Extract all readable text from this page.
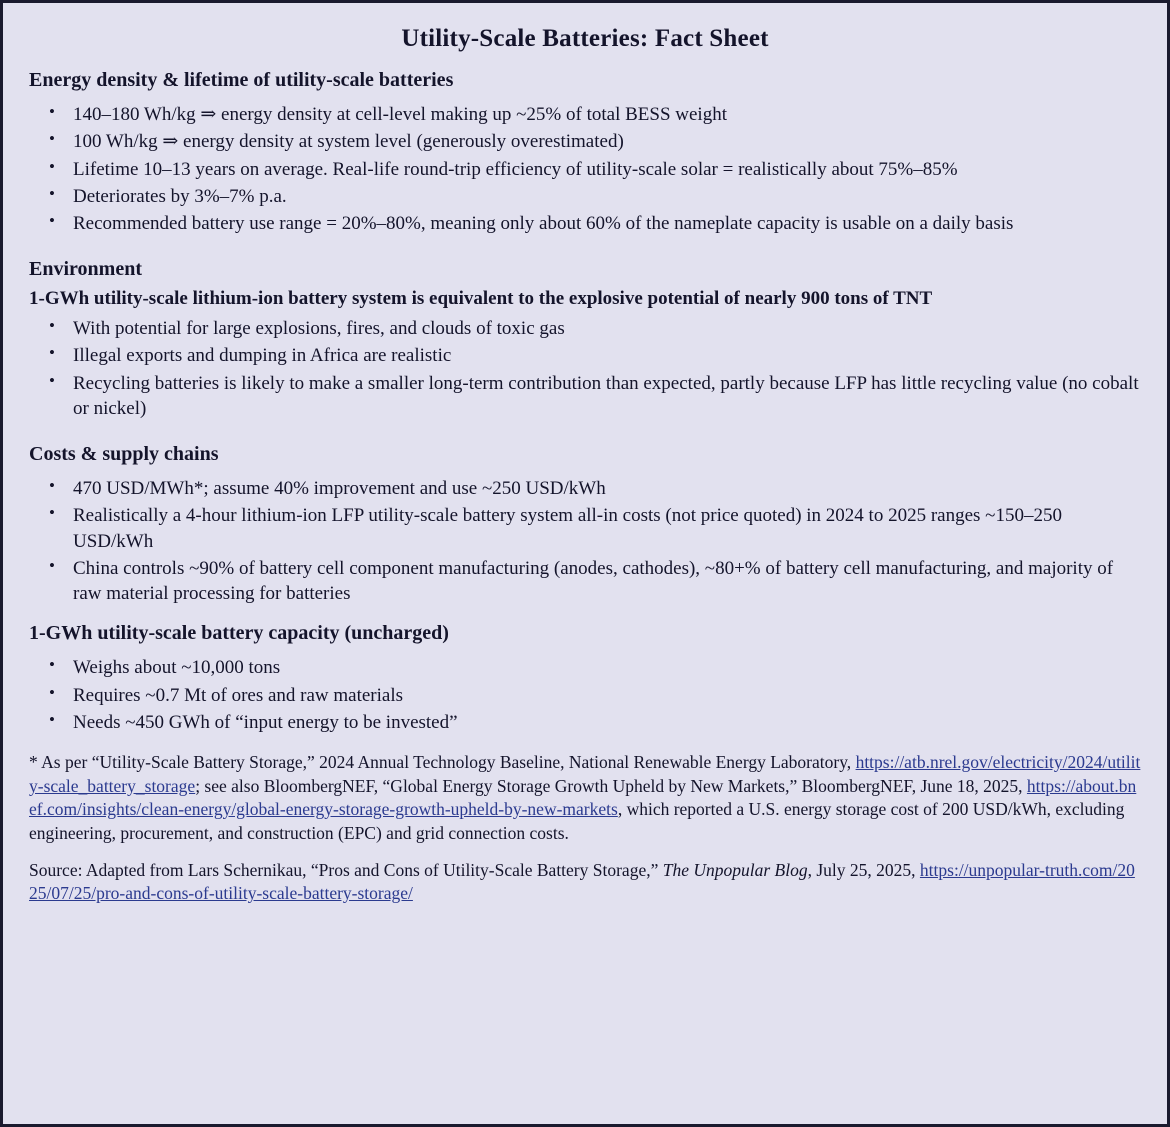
Utility-Scale Batteries: Fact Sheet
Energy density & lifetime of utility-scale batteries
• 140–180 Wh/kg ⇒ energy density at cell-level making up ~25% of total BESS weight
• 100 Wh/kg ⇒ energy density at system level (generously overestimated)
• Lifetime 10–13 years on average. Real-life round-trip efficiency of utility-scale solar = realistically about 75%–85%
• Deteriorates by 3%–7% p.a.
• Recommended battery use range = 20%–80%, meaning only about 60% of the nameplate capacity is usable on a daily basis
Environment

1-GWh utility-scale lithium-ion battery system is equivalent to the explosive potential of nearly 900 tons of TNT

• With potential for large explosions, fires, and clouds of toxic gas
• Illegal exports and dumping in Africa are realistic
• Recycling batteries is likely to make a smaller long-term contribution than expected, partly because LFP has little recycling value (no cobalt or nickel)
Costs & supply chains
• 470 USD/MWh*; assume 40% improvement and use ~250 USD/kWh
• Realistically a 4-hour lithium-ion LFP utility-scale battery system all-in costs (not price quoted) in 2024 to 2025 ranges ~150–250 USD/kWh
• China controls ~90% of battery cell component manufacturing (anodes, cathodes), ~80+% of battery cell manufacturing, and majority of raw material processing for batteries
1-GWh utility-scale battery capacity (uncharged)
• Weighs about ~10,000 tons
• Requires ~0.7 Mt of ores and raw materials
• Needs ~450 GWh of “input energy to be invested”

* As per “Utility-Scale Battery Storage,” 2024 Annual Technology Baseline, National Renewable Energy Laboratory, https://atb.nrel.gov/electricity/2024/utility-scale_battery_storage; see also BloombergNEF, “Global Energy Storage Growth Upheld by New Markets,” BloombergNEF, June 18, 2025, https://about.bnef.com/insights/clean-energy/global-energy-storage-growth-upheld-by-new-markets, which reported a U.S. energy storage cost of 200 USD/kWh, excluding engineering, procurement, and construction (EPC) and grid connection costs.

Source: Adapted from Lars Schernikau, “Pros and Cons of Utility-Scale Battery Storage,” The Unpopular Blog, July 25, 2025, https://unpopular-truth.com/2025/07/25/pro-and-cons-of-utility-scale-battery-storage/
